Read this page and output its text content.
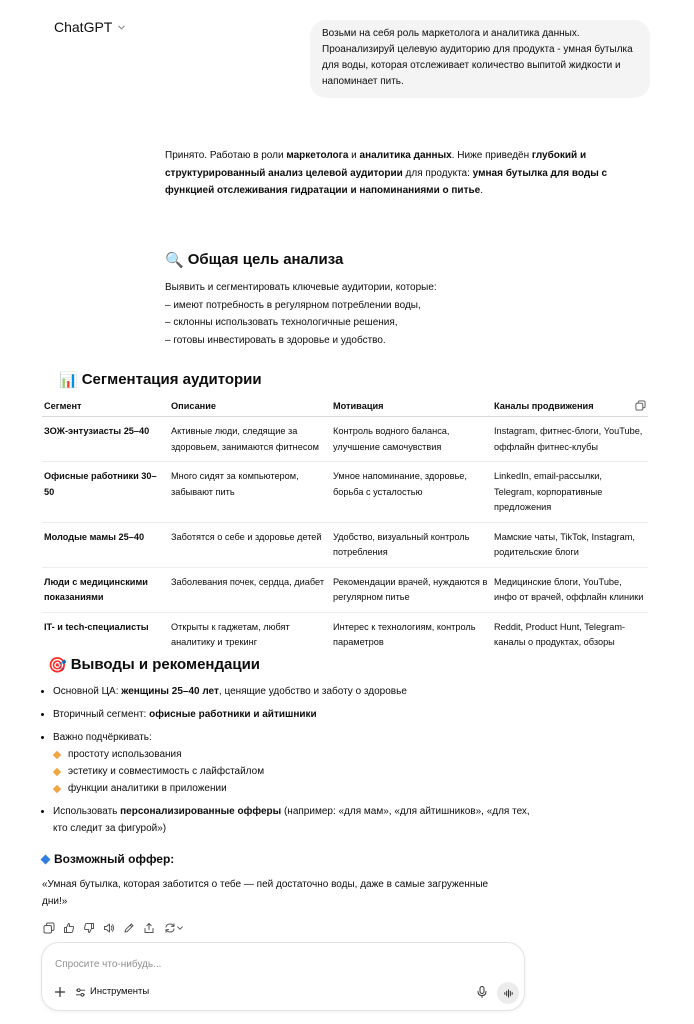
ChatGPT	Возьми на себя роль маркетолога и аналитика данных. Проанализируй целевую аудиторию для продукта - умная бутылка для воды, которая отслеживает количество выпитой жидкости и напоминает пить.
Принято. Работаю в роли маркетолога и аналитика данных. Ниже приведён глубокий и структурированный анализ целевой аудитории для продукта: умная бутылка для воды с функцией отслеживания гидратации и напоминаниями о питье.
🔍 Общая цель анализа
Выявить и сегментировать ключевые аудитории, которые:
– имеют потребность в регулярном потреблении воды,
– склонны использовать технологичные решения,
– готовы инвестировать в здоровье и удобство.
📊 Сегментация аудитории
Сегмент	Описание	Мотивация	Каналы продвижения

ЗОЖ-энтузиасты 25–40	Активные люди, следящие за здоровьем, занимаются фитнесом	Контроль водного баланса, улучшение самочувствия	Instagram, фитнес-блоги, YouTube, оффлайн фитнес-клубы
Офисные работники 30–50	Много сидят за компьютером, забывают пить	Умное напоминание, здоровье, борьба с усталостью	LinkedIn, email-рассылки, Telegram, корпоративные предложения
Молодые мамы 25–40	Заботятся о себе и здоровье детей	Удобство, визуальный контроль потребления	Мамские чаты, TikTok, Instagram, родительские блоги
Люди с медицинскими показаниями	Заболевания почек, сердца, диабет	Рекомендации врачей, нуждаются в регулярном питье	Медицинские блоги, YouTube, инфо от врачей, оффлайн клиники
IT- и tech-специалисты	Открыты к гаджетам, любят аналитику и трекинг	Интерес к технологиям, контроль параметров	Reddit, Product Hunt, Telegram-каналы о продуктах, обзоры
🎯 Выводы и рекомендации
• Основной ЦА: женщины 25–40 лет, ценящие удобство и заботу о здоровье
• Вторичный сегмент: офисные работники и айтишники
• Важно подчёркивать:
простоту использования
эстетику и совместимость с лайфстайлом
функции аналитики в приложении
• Использовать персонализированные офферы (например: «для мам», «для айтишников», «для тех, кто следит за фигурой»)
Возможный оффер:
«Умная бутылка, которая заботится о тебе — пей достаточно воды, даже в самые загруженные дни!»
Спросите что-нибудь...
Инструменты
